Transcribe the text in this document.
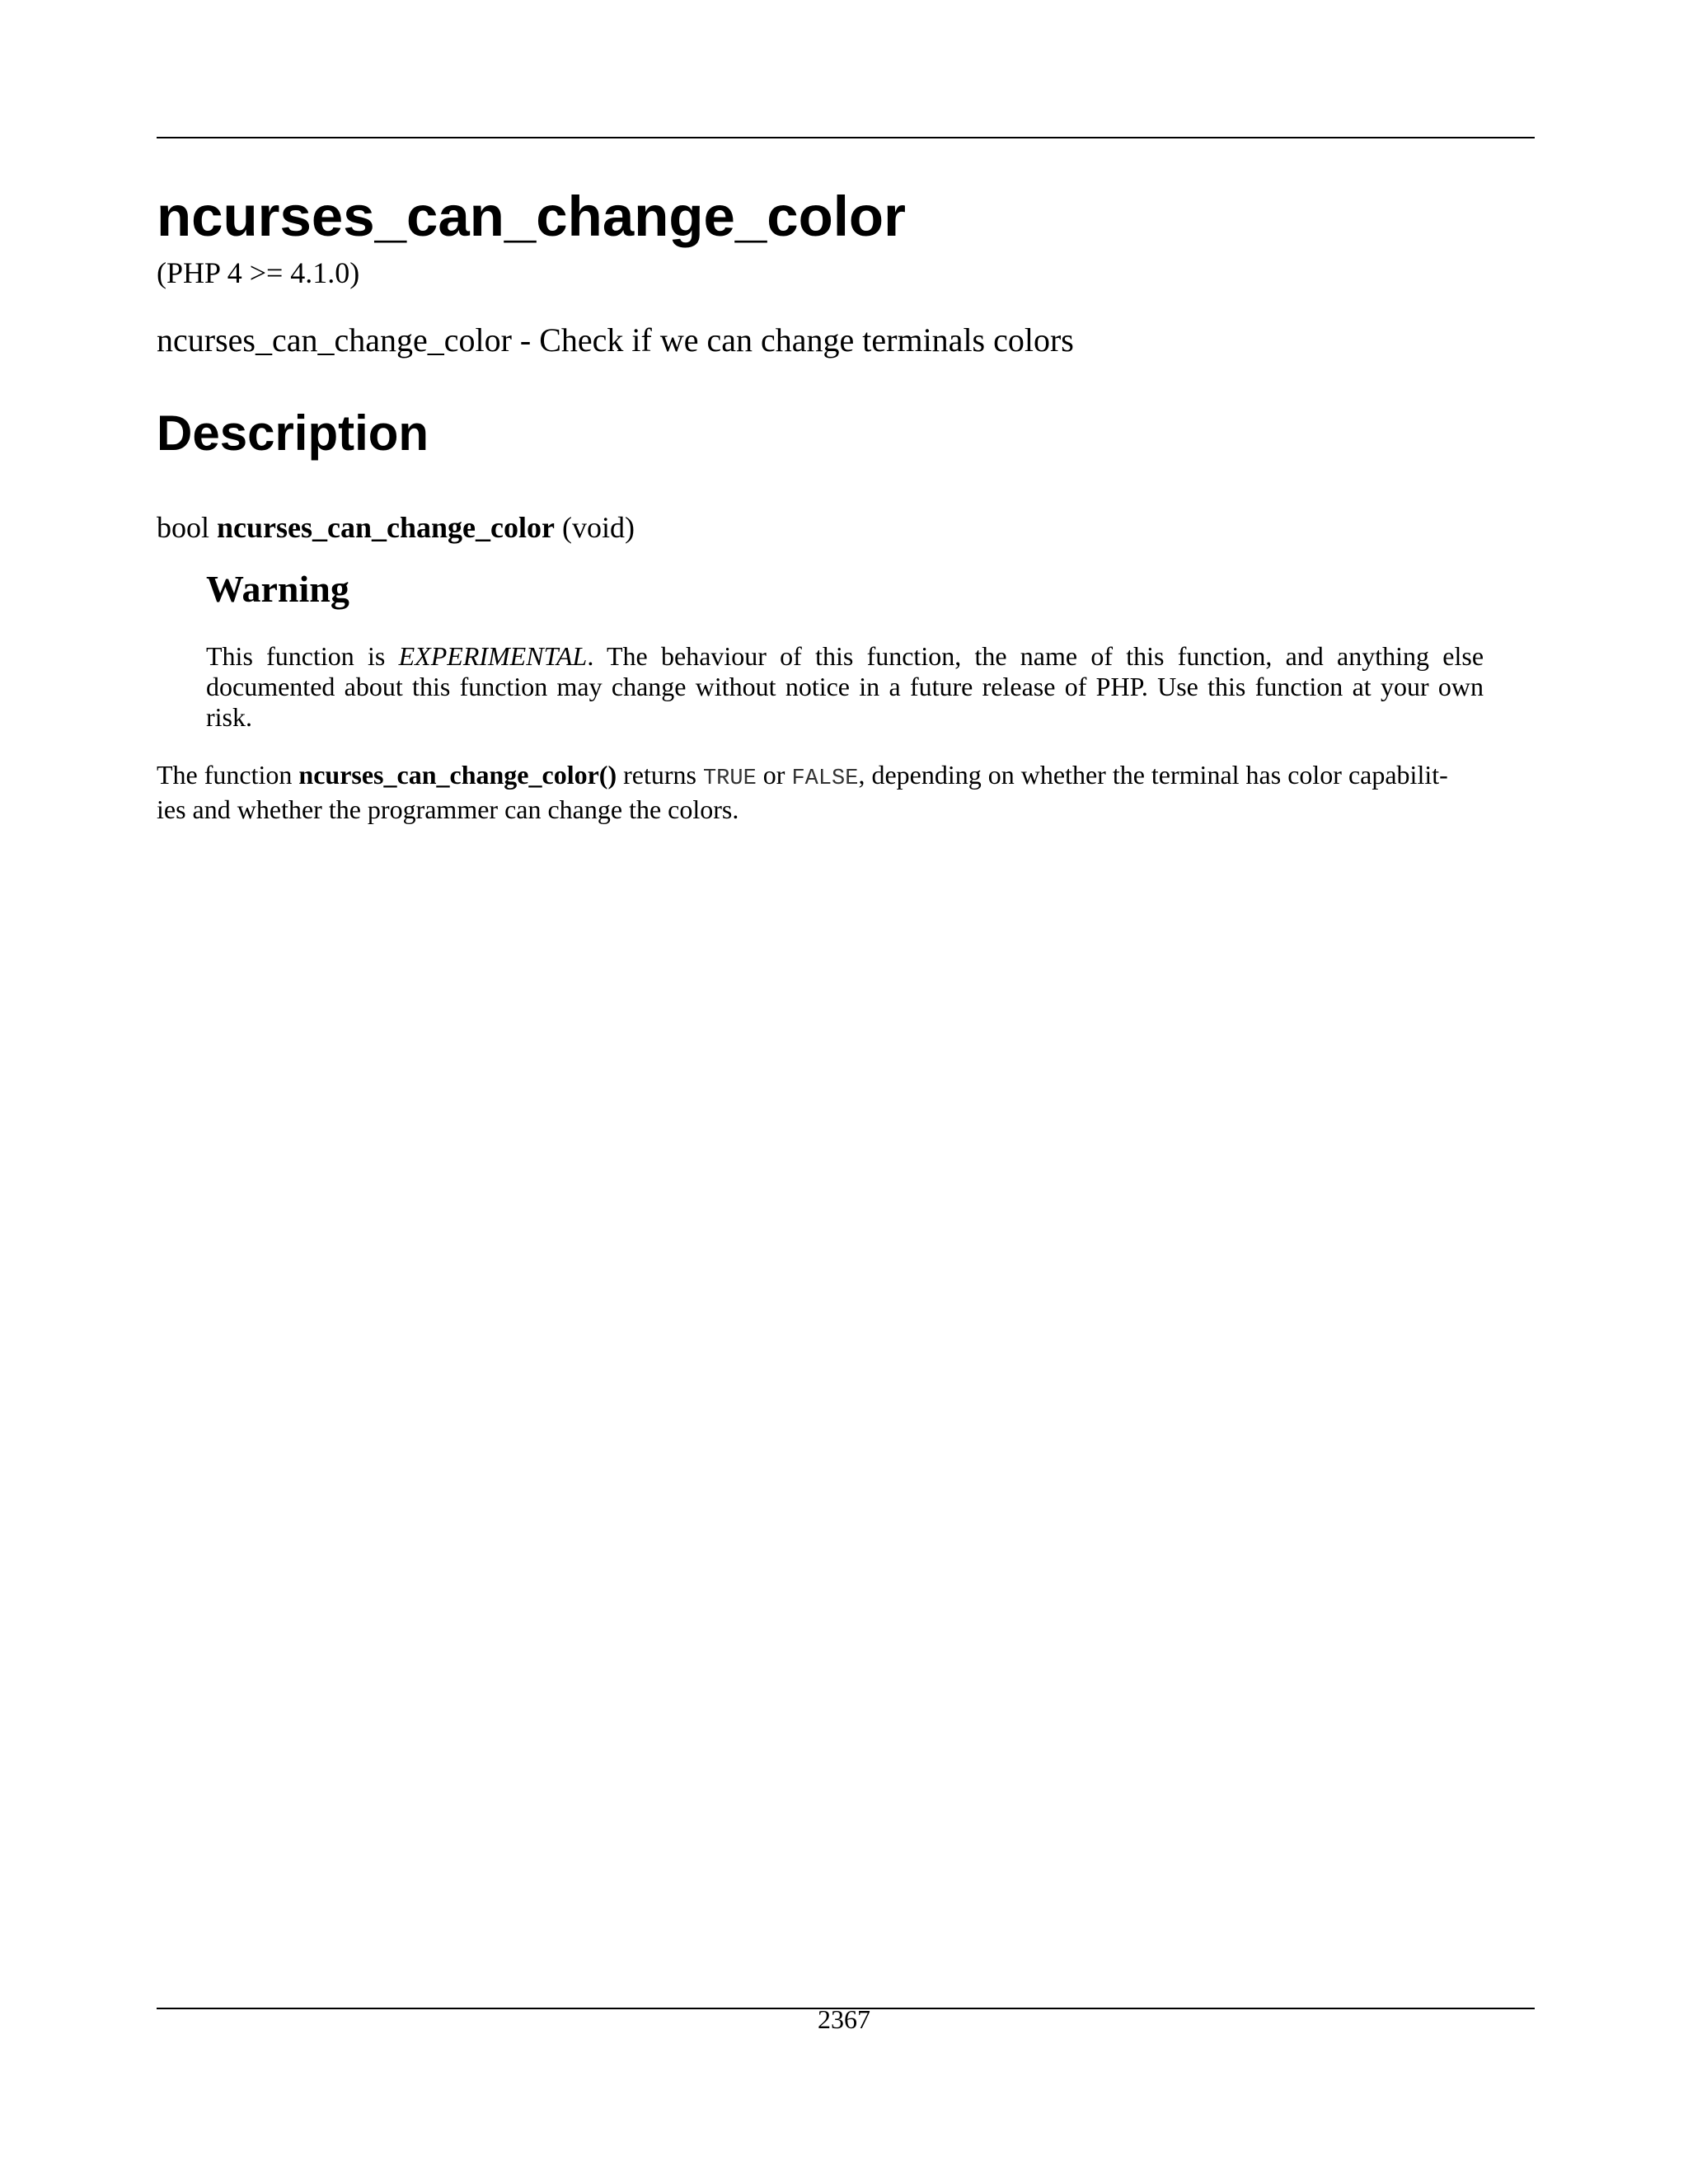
ncurses_can_change_color
(PHP 4 >= 4.1.0)
ncurses_can_change_color - Check if we can change terminals colors
Description
bool ncurses_can_change_color (void)
Warning

This function is EXPERIMENTAL. The behaviour of this function, the name of this function, and anything else documented about this function may change without notice in a future release of PHP. Use this function at your own risk.

The function ncurses_can_change_color() returns TRUE or FALSE, depending on whether the terminal has color capabilit-
ies and whether the programmer can change the colors.

2367
